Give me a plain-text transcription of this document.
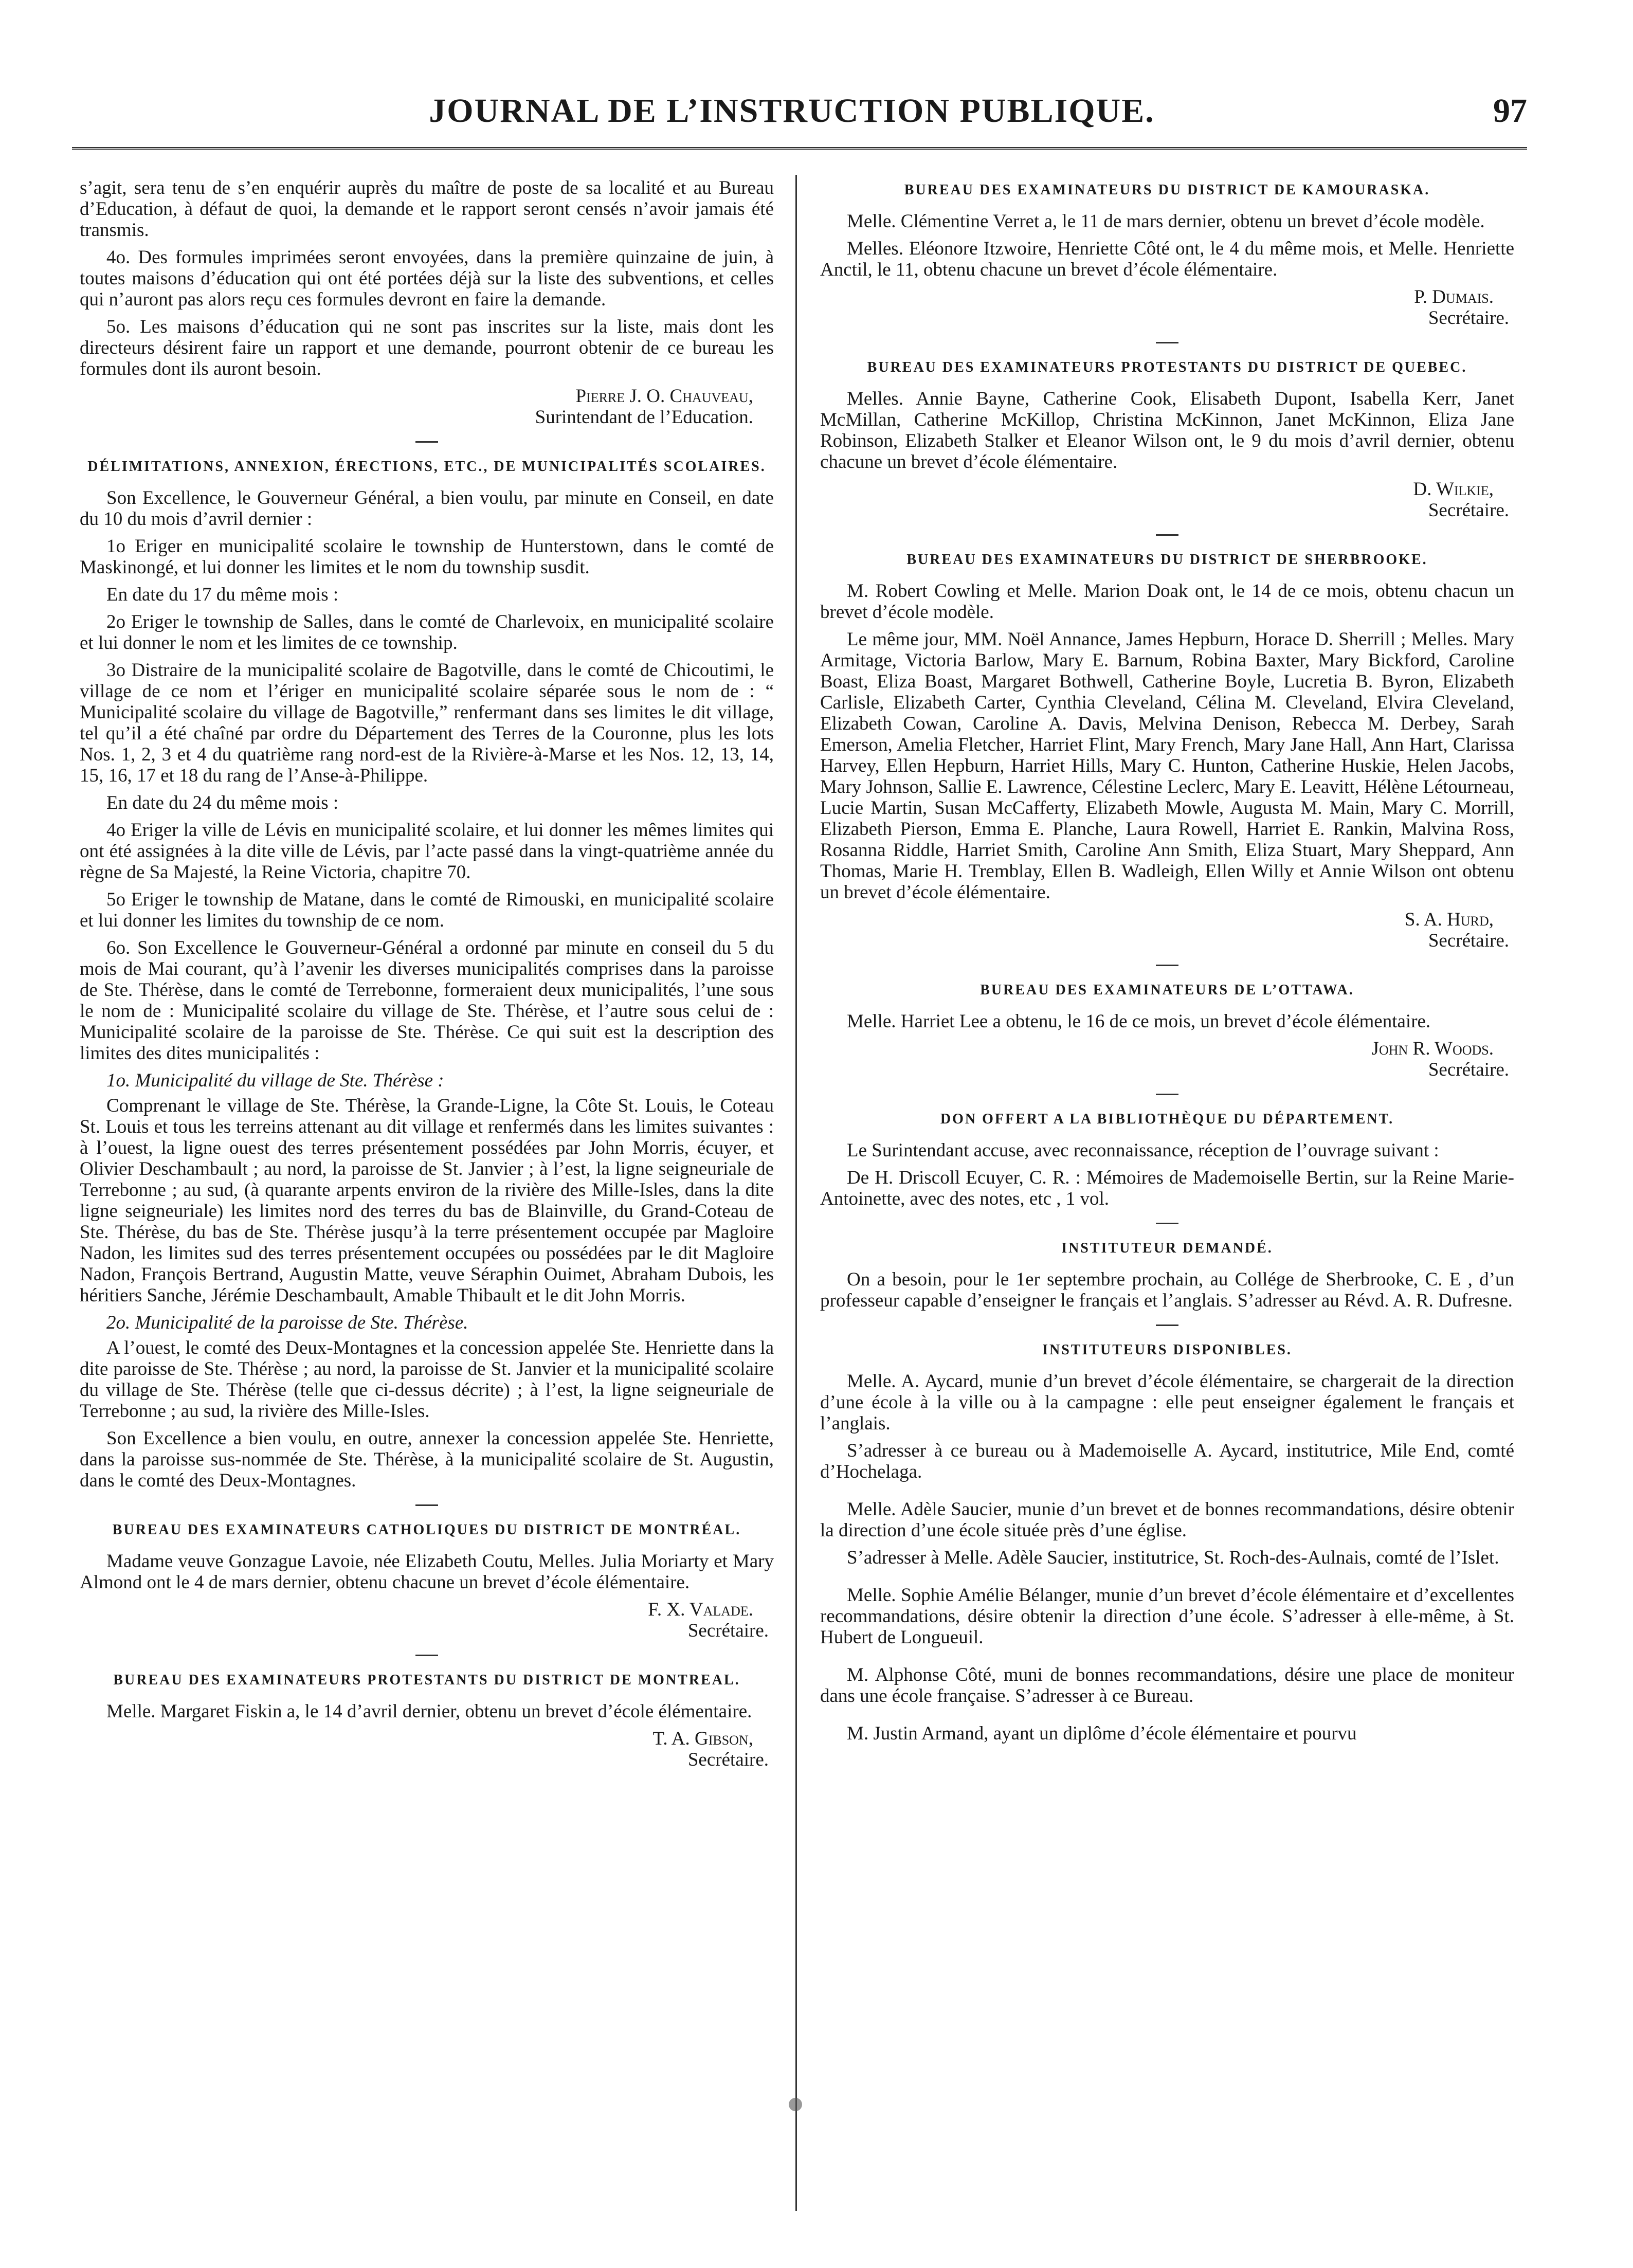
JOURNAL DE L’INSTRUCTION PUBLIQUE.	97

s’agi⁠t, sera tenu de s’en enquérir auprès du maître de poste de sa localité et au Bureau d’Education, à défaut de quoi, la demande et le rapport seront censés n’avoir jamais été transmis.

4o. Des formules imprimées seront envoyées, dans la première quinzaine de juin, à toutes maisons d’éducation qui ont été portées déjà sur la liste des subventions, et celles qui n’auront pas alors reçu ces formules devront en faire la demande.

5o. Les maisons d’éducation qui ne sont pas inscrites sur la liste, mais dont les directeurs désirent faire un rapport et une demande, pourront obtenir de ce bureau les formules dont ils auront besoin.

Pierre J. O. Chauveau,

Surintendant de l’Education.

DÉLIMITATIONS, ANNEXION, ÉRECTIONS, ETC., DE MUNICIPALITÉS SCOLAIRES.

Son Excellence, le Gouverneur Général, a bien voulu, par minute en Conseil, en date du 10 du mois d’avril dernier :

1o Eriger en municipalité scolaire le township de Hunterstown, dans le comté de Maskinongé, et lui donner les limites et le nom du township susdit.

En date du 17 du même mois :

2o Eriger le township de Salles, dans le comté de Charlevoix, en municipalité scolaire et lui donner le nom et les limites de ce township.

3o Distraire de la municipalité scolaire de Bagotville, dans le comté de Chicoutimi, le village de ce nom et l’ériger en municipalité scolaire séparée sous le nom de : “ Municipalité scolaire du village de Bagotville,” renfermant dans ses limites le dit village, tel qu’il a été chaîné par ordre du Département des Terres de la Couronne, plus les lots Nos. 1, 2, 3 et 4 du quatrième rang nord-est de la Rivière-à-Marse et les Nos. 12, 13, 14, 15, 16, 17 et 18 du rang de l’Anse-à-Philippe.

En date du 24 du même mois :

4o Eriger la ville de Lévis en municipalité scolaire, et lui donner les mêmes limites qui ont été assignées à la dite ville de Lévis, par l’acte passé dans la vingt-quatrième année du règne de Sa Majesté, la Reine Victoria, chapitre 70.

5o Eriger le township de Matane, dans le comté de Rimouski, en municipalité scolaire et lui donner les limites du township de ce nom.

6o. Son Excellence le Gouverneur-Général a ordonné par minute en conseil du 5 du mois de Mai courant, qu’à l’avenir les diverses municipalités comprises dans la paroisse de Ste. Thérèse, dans le comté de Terrebonne, formeraient deux municipalités, l’une sous le nom de : Municipalité scolaire du village de Ste. Thérèse, et l’autre sous celui de : Municipalité scolaire de la paroisse de Ste. Thérèse. Ce qui suit est la description des limites des dites municipalités :

1o. Municipalité du village de Ste. Thérèse :

Comprenant le village de Ste. Thérèse, la Grande-Ligne, la Côte St. Louis, le Coteau St. Louis et tous les terreins attenant au dit village et renfermés dans les limites suivantes : à l’ouest, la ligne ouest des terres présentement possédées par John Morris, écuyer, et Olivier Deschambault ; au nord, la paroisse de St. Janvier ; à l’est, la ligne seigneuriale de Terrebonne ; au sud, (à quarante arpents environ de la rivière des Mille-Isles, dans la dite ligne seigneuriale) les limites nord des terres du bas de Blainville, du Grand-Coteau de Ste. Thérèse, du bas de Ste. Thérèse jusqu’à la terre présentement occupée par Magloire Nadon, les limites sud des terres présentement occupées ou possédées par le dit Magloire Nadon, François Bertrand, Augustin Matte, veuve Séraphin Ouimet, Abraham Dubois, les héritiers Sanche, Jérémie Deschambault, Amable Thibault et le dit John Morris.

2o. Municipalité de la paroisse de Ste. Thérèse.

A l’ouest, le comté des Deux-Montagnes et la concession appelée Ste. Henriette dans la dite paroisse de Ste. Thérèse ; au nord, la paroisse de St. Janvier et la municipalité scolaire du village de Ste. Thérèse (telle que ci-dessus décrite) ; à l’est, la ligne seigneuriale de Terrebonne ; au sud, la rivière des Mille-Isles.

Son Excellence a bien voulu, en outre, annexer la concession appelée Ste. Henriette, dans la paroisse sus-nommée de Ste. Thérèse, à la municipalité scolaire de St. Augustin, dans le comté des Deux-Montagnes.

BUREAU DES EXAMINATEURS CATHOLIQUES DU DISTRICT DE MONTRÉAL.

Madame veuve Gonzague Lavoie, née Elizabeth Coutu, Melles. Julia Moriarty et Mary Almond ont le 4 de mars dernier, obtenu chacune un brevet d’école élémentaire.

F. X. Valade.

Secrétaire.

BUREAU DES EXAMINATEURS PROTESTANTS DU DISTRICT DE MONTREAL.

Melle. Margaret Fiskin a, le 14 d’avril dernier, obtenu un brevet d’école élémentaire.

T. A. Gibson,

Secrétaire.

BUREAU DES EXAMINATEURS DU DISTRICT DE KAMOURASKA.

Melle. Clémentine Verret a, le 11 de mars dernier, obtenu un brevet d’école modèle.

Melles. Eléonore Itzwoire, Henriette Côté ont, le 4 du même mois, et Melle. Henriette Anctil, le 11, obtenu chacune un brevet d’école élémentaire.

P. Dumais.

Secrétaire.

BUREAU DES EXAMINATEURS PROTESTANTS DU DISTRICT DE QUEBEC.

Melles. Annie Bayne, Catherine Cook, Elisabeth Dupont, Isabella Kerr, Janet McMillan, Catherine McKillop, Christina McKinnon, Janet McKinnon, Eliza Jane Robinson, Elizabeth Stalker et Eleanor Wilson ont, le 9 du mois d’avril dernier, obtenu chacune un brevet d’école élémentaire.

D. Wilkie,

Secrétaire.

BUREAU DES EXAMINATEURS DU DISTRICT DE SHERBROOKE.

M. Robert Cowling et Melle. Marion Doak ont, le 14 de ce mois, obtenu chacun un brevet d’école modèle.

Le même jour, MM. Noël Annance, James Hepburn, Horace D. Sherrill ; Melles. Mary Armitage, Victoria Barlow, Mary E. Barnum, Robina Baxter, Mary Bickford, Caroline Boast, Eliza Boast, Margaret Bothwell, Catherine Boyle, Lucretia B. Byron, Elizabeth Carlisle, Elizabeth Carter, Cynthia Cleveland, Célina M. Cleveland, Elvira Cleveland, Elizabeth Cowan, Caroline A. Davis, Melvina Denison, Rebecca M. Derbey, Sarah Emerson, Amelia Fletcher, Harriet Flint, Mary French, Mary Jane Hall, Ann Hart, Clarissa Harvey, Ellen Hepburn, Harriet Hills, Mary C. Hunton, Catherine Huskie, Helen Jacobs, Mary Johnson, Sallie E. Lawrence, Célestine Leclerc, Mary E. Leavitt, Hélène Létourneau, Lucie Martin, Susan McCafferty, Elizabeth Mowle, Augusta M. Main, Mary C. Morrill, Elizabeth Pierson, Emma E. Planche, Laura Rowell, Harriet E. Rankin, Malvina Ross, Rosanna Riddle, Harriet Smith, Caroline Ann Smith, Eliza Stuart, Mary Sheppard, Ann Thomas, Marie H. Tremblay, Ellen B. Wadleigh, Ellen Willy et Annie Wilson ont obtenu un brevet d’école élémentaire.

S. A. Hurd,

Secrétaire.

BUREAU DES EXAMINATEURS DE L’OTTAWA.

Melle. Harriet Lee a obtenu, le 16 de ce mois, un brevet d’école élémentaire.

John R. Woods.

Secrétaire.

DON OFFERT A LA BIBLIOTHÈQUE DU DÉPARTEMENT.

Le Surintendant accuse, avec reconnaissance, réception de l’ouvrage suivant :

De H. Driscoll Ecuyer, C. R. : Mémoires de Mademoiselle Bertin, sur la Reine Marie-Antoinette, avec des notes, etc , 1 vol.

INSTITUTEUR DEMANDÉ.

On a besoin, pour le 1er septembre prochain, au Collége de Sherbrooke, C. E , d’un professeur capable d’enseigner le français et l’anglais. S’adresser au Révd. A. R. Dufresne.

INSTITUTEURS DISPONIBLES.

Melle. A. Aycard, munie d’un brevet d’école élémentaire, se chargerait de la direction d’une école à la ville ou à la campagne : elle peut enseigner également le français et l’anglais.

S’adresser à ce bureau ou à Mademoiselle A. Aycard, institutrice, Mile End, comté d’Hochelaga.

Melle. Adèle Saucier, munie d’un brevet et de bonnes recommandations, désire obtenir la direction d’une école située près d’une église.

S’adresser à Melle. Adèle Saucier, institutrice, St. Roch-des-Aulnais, comté de l’Islet.

Melle. Sophie Amélie Bélanger, munie d’un brevet d’école élémentaire et d’excellentes recommandations, désire obtenir la direction d’une école. S’adresser à elle-même, à St. Hubert de Longueuil.

M. Alphonse Côté, muni de bonnes recommandations, désire une place de moniteur dans une école française. S’adresser à ce Bureau.

M. Justin Armand, ayant un diplôme d’école élémentaire et pourvu
